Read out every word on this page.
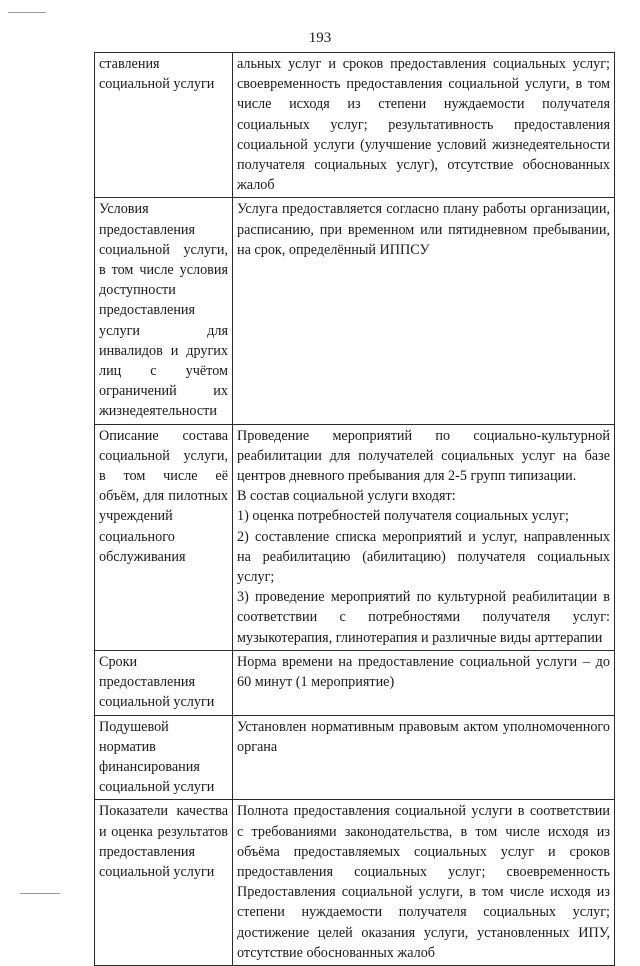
193
ставления социальной услуги	альных услуг и сроков предоставления социальных услуг; своевременность предоставления социальной услуги, в том числе исходя из степени нуждаемости получателя социальных услуг; результативность предоставления социальной услуги (улучшение условий жизнедеятельности получателя социальных услуг), отсутствие обоснованных жалоб

Условия предоставления социальной услуги, в том числе условия доступности предоставления услуги для инвалидов и других лиц с учётом ограничений их жизнедеятельности	Услуга предоставляется согласно плану работы организации, расписанию, при временном или пятидневном пребывании, на срок, определённый ИППСУ

Описание состава социальной услуги, в том числе её объём, для пилотных учреждений социального обслуживания	Проведение мероприятий по социально-культурной реабилитации для получателей социальных услуг на базе центров дневного пребывания для 2-5 групп типизации.

В состав социальной услуги входят:

1) оценка потребностей получателя социальных услуг;

2) составление списка мероприятий и услуг, направленных на реабилитацию (абилитацию) получателя социальных услуг;

3) проведение мероприятий по культурной реабилитации в соответствии с потребностями получателя услуг: музыкотерапия, глинотерапия и различные виды арттерапии

Сроки предоставления социальной услуги	Норма времени на предоставление социальной услуги – до 60 минут (1 мероприятие)

Подушевой норматив финансирования социальной услуги	Установлен нормативным правовым актом уполномоченного органа

Показатели качества и оценка результатов предоставления социальной услуги	Полнота предоставления социальной услуги в соответствии с требованиями законодательства, в том числе исходя из объёма предоставляемых социальных услуг и сроков предоставления социальных услуг; своевременность Предоставления социальной услуги, в том числе исходя из степени нуждаемости получателя социальных услуг; достижение целей оказания услуги, установленных ИПУ, отсутствие обоснованных жалоб
